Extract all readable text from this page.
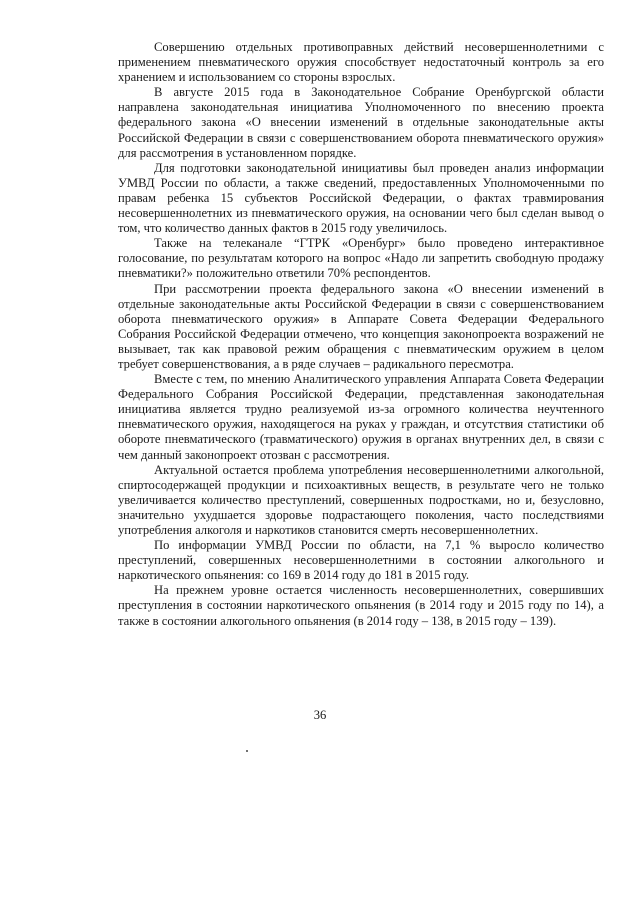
Совершению отдельных противоправных действий несовершеннолетними с применением пневматического оружия способствует недостаточный контроль за его хранением и использованием со стороны взрослых.

В августе 2015 года в Законодательное Собрание Оренбургской области направлена законодательная инициатива Уполномоченного по внесению проекта федерального закона «О внесении изменений в отдельные законодательные акты Российской Федерации в связи с совершенствованием оборота пневматического оружия» для рассмотрения в установленном порядке.

Для подготовки законодательной инициативы был проведен анализ информации УМВД России по области, а также сведений, предоставленных Уполномоченными по правам ребенка 15 субъектов Российской Федерации, о фактах травмирования несовершеннолетних из пневматического оружия, на основании чего был сделан вывод о том, что количество данных фактов в 2015 году увеличилось.

Также на телеканале “ГТРК «Оренбург» было проведено интерактивное голосование, по результатам которого на вопрос «Надо ли запретить свободную продажу пневматики?» положительно ответили 70% респондентов.

При рассмотрении проекта федерального закона «О внесении изменений в отдельные законодательные акты Российской Федерации в связи с совершенствованием оборота пневматического оружия» в Аппарате Совета Федерации Федерального Собрания Российской Федерации отмечено, что концепция законопроекта возражений не вызывает, так как правовой режим обращения с пневматическим оружием в целом требует совершенствования, а в ряде случаев – радикального пересмотра.

Вместе с тем, по мнению Аналитического управления Аппарата Совета Федерации Федерального Собрания Российской Федерации, представленная законодательная инициатива является трудно реализуемой из-за огромного количества неучтенного пневматического оружия, находящегося на руках у граждан, и отсутствия статистики об обороте пневматического (травматического) оружия в органах внутренних дел, в связи с чем данный законопроект отозван с рассмотрения.

Актуальной остается проблема употребления несовершеннолетними алкогольной, спиртосодержащей продукции и психоактивных веществ, в результате чего не только увеличивается количество преступлений, совершенных подростками, но и, безусловно, значительно ухудшается здоровье подрастающего поколения, часто последствиями употребления алкоголя и наркотиков становится смерть несовершеннолетних.

По информации УМВД России по области, на 7,1 % выросло количество преступлений, совершенных несовершеннолетними в состоянии алкогольного и наркотического опьянения: со 169 в 2014 году до 181 в 2015 году.

На прежнем уровне остается численность несовершеннолетних, совершивших преступления в состоянии наркотического опьянения (в 2014 году и 2015 году по 14), а также в состоянии алкогольного опьянения (в 2014 году – 138, в 2015 году – 139).

36
